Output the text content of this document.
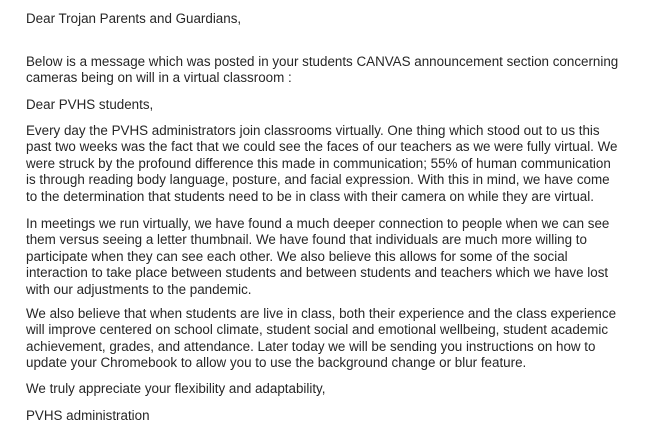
Dear Trojan Parents and Guardians,

Below is a message which was posted in your students CANVAS announcement section concerning
cameras being on will in a virtual classroom :

Dear PVHS students,

Every day the PVHS administrators join classrooms virtually. One thing which stood out to us this
past two weeks was the fact that we could see the faces of our teachers as we were fully virtual. We
were struck by the profound difference this made in communication; 55% of human communication
is through reading body language, posture, and facial expression. With this in mind, we have come
to the determination that students need to be in class with their camera on while they are virtual.

In meetings we run virtually, we have found a much deeper connection to people when we can see
them versus seeing a letter thumbnail. We have found that individuals are much more willing to
participate when they can see each other. We also believe this allows for some of the social
interaction to take place between students and between students and teachers which we have lost
with our adjustments to the pandemic.

We also believe that when students are live in class, both their experience and the class experience
will improve centered on school climate, student social and emotional wellbeing, student academic
achievement, grades, and attendance. Later today we will be sending you instructions on how to
update your Chromebook to allow you to use the background change or blur feature.

We truly appreciate your flexibility and adaptability,

PVHS administration
